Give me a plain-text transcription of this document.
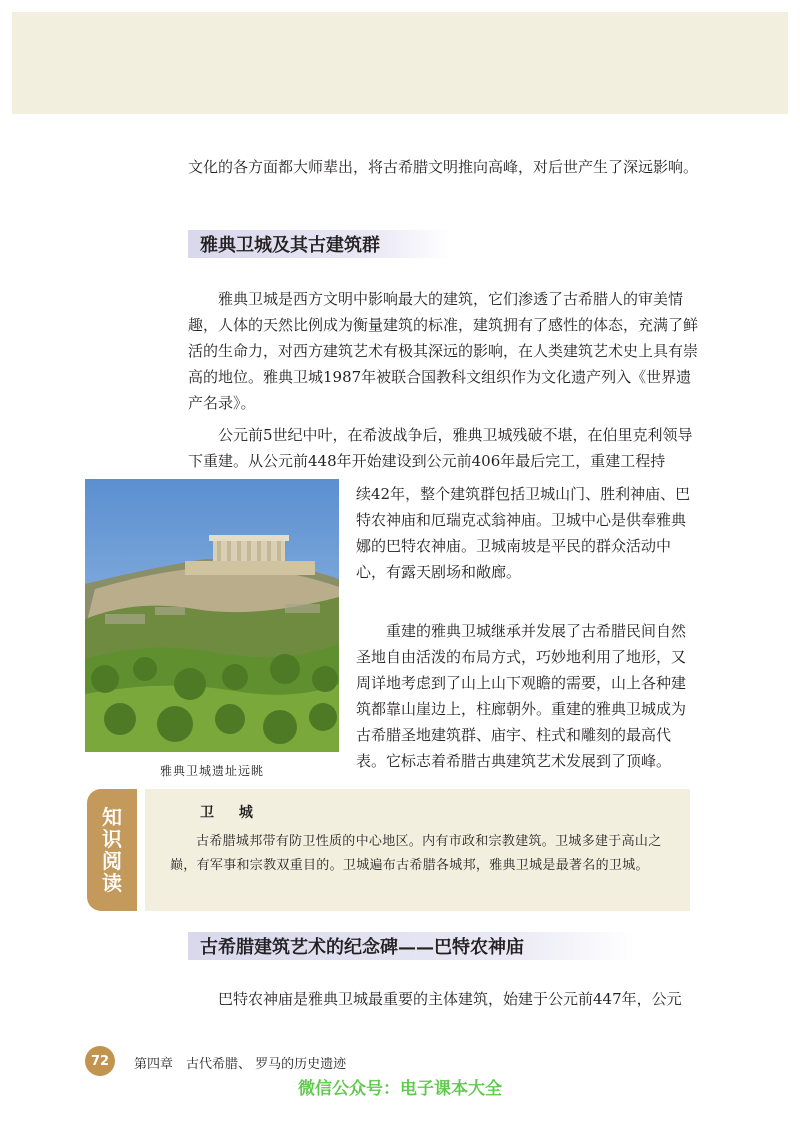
文化的各方面都大师辈出，将古希腊文明推向高峰，对后世产生了深远影响。

雅典卫城及其古建筑群

雅典卫城是西方文明中影响最大的建筑，它们渗透了古希腊人的审美情趣，人体的天然比例成为衡量建筑的标准，建筑拥有了感性的体态，充满了鲜活的生命力，对西方建筑艺术有极其深远的影响，在人类建筑艺术史上具有崇高的地位。雅典卫城1987年被联合国教科文组织作为文化遗产列入《世界遗产名录》。

公元前5世纪中叶，在希波战争后，雅典卫城残破不堪，在伯里克利领导下重建。从公元前448年开始建设到公元前406年最后完工，重建工程持

雅典卫城遗址远眺

续42年，整个建筑群包括卫城山门、胜利神庙、巴特农神庙和厄瑞克忒翁神庙。卫城中心是供奉雅典娜的巴特农神庙。卫城南坡是平民的群众活动中心，有露天剧场和敞廊。

重建的雅典卫城继承并发展了古希腊民间自然圣地自由活泼的布局方式，巧妙地利用了地形，又周详地考虑到了山上山下观瞻的需要，山上各种建筑都靠山崖边上，柱廊朝外。重建的雅典卫城成为古希腊圣地建筑群、庙宇、柱式和雕刻的最高代表。它标志着希腊古典建筑艺术发展到了顶峰。

知
识
阅
读
卫 城

古希腊城邦带有防卫性质的中心地区。内有市政和宗教建筑。卫城多建于高山之巅，有军事和宗教双重目的。卫城遍布古希腊各城邦，雅典卫城是最著名的卫城。

古希腊建筑艺术的纪念碑——巴特农神庙

巴特农神庙是雅典卫城最重要的主体建筑，始建于公元前447年，公元

72	第四章　古代希腊、 罗马的历史遗迹
微信公众号：电子课本大全
